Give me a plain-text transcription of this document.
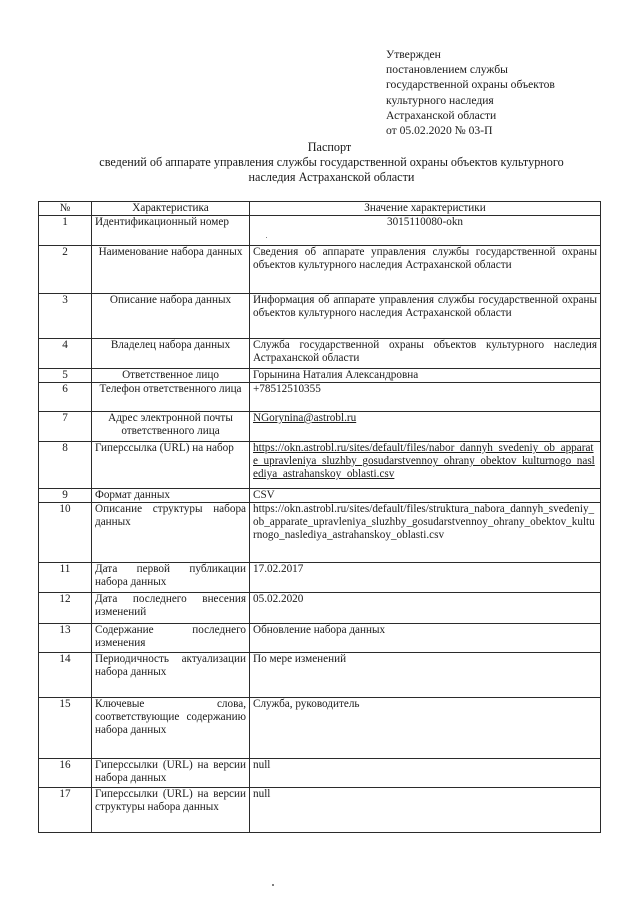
Утвержден
постановлением службы
государственной охраны объектов
культурного наследия
Астраханской области
от 05.02.2020 № 03-П
Паспорт
сведений об аппарате управления службы государственной охраны объектов культурного
наследия Астраханской области
№	Характеристика	Значение характеристики
1	Идентификационный номер	3015110080-okn
2	Наименование набора данных	Сведения об аппарате управления службы государственной охраны объектов культурного наследия Астраханской области
3	Описание набора данных	Информация об аппарате управления службы государственной охраны объектов культурного наследия Астраханской области
4	Владелец набора данных	Служба государственной охраны объектов культурного наследия Астраханской области
5	Ответственное лицо	Горынина Наталия Александровна
6	Телефон ответственного лица	+78512510355
7	Адрес электронной почты ответственного лица	NGorynina@astrobl.ru
8	Гиперссылка (URL) на набор	https://okn.astrobl.ru/sites/default/files/nabor_dannyh_svedeniy_ob_apparate_upravleniya_sluzhby_gosudarstvennoy_ohrany_obektov_kulturnogo_naslediya_astrahanskoy_oblasti.csv
9	Формат данных	CSV
10	Описание структуры набора данных	https://okn.astrobl.ru/sites/default/files/struktura_nabora_dannyh_svedeniy_ob_apparate_upravleniya_sluzhby_gosudarstvennoy_ohrany_obektov_kulturnogo_naslediya_astrahanskoy_oblasti.csv
11	Дата первой публикации набора данных	17.02.2017
12	Дата последнего внесения изменений	05.02.2020
13	Содержание последнего изменения	Обновление набора данных
14	Периодичность актуализации набора данных	По мере изменений
15	Ключевые слова, соответствующие содержанию набора данных	Служба, руководитель
16	Гиперссылки (URL) на версии набора данных	null
17	Гиперссылки (URL) на версии структуры набора данных	null
